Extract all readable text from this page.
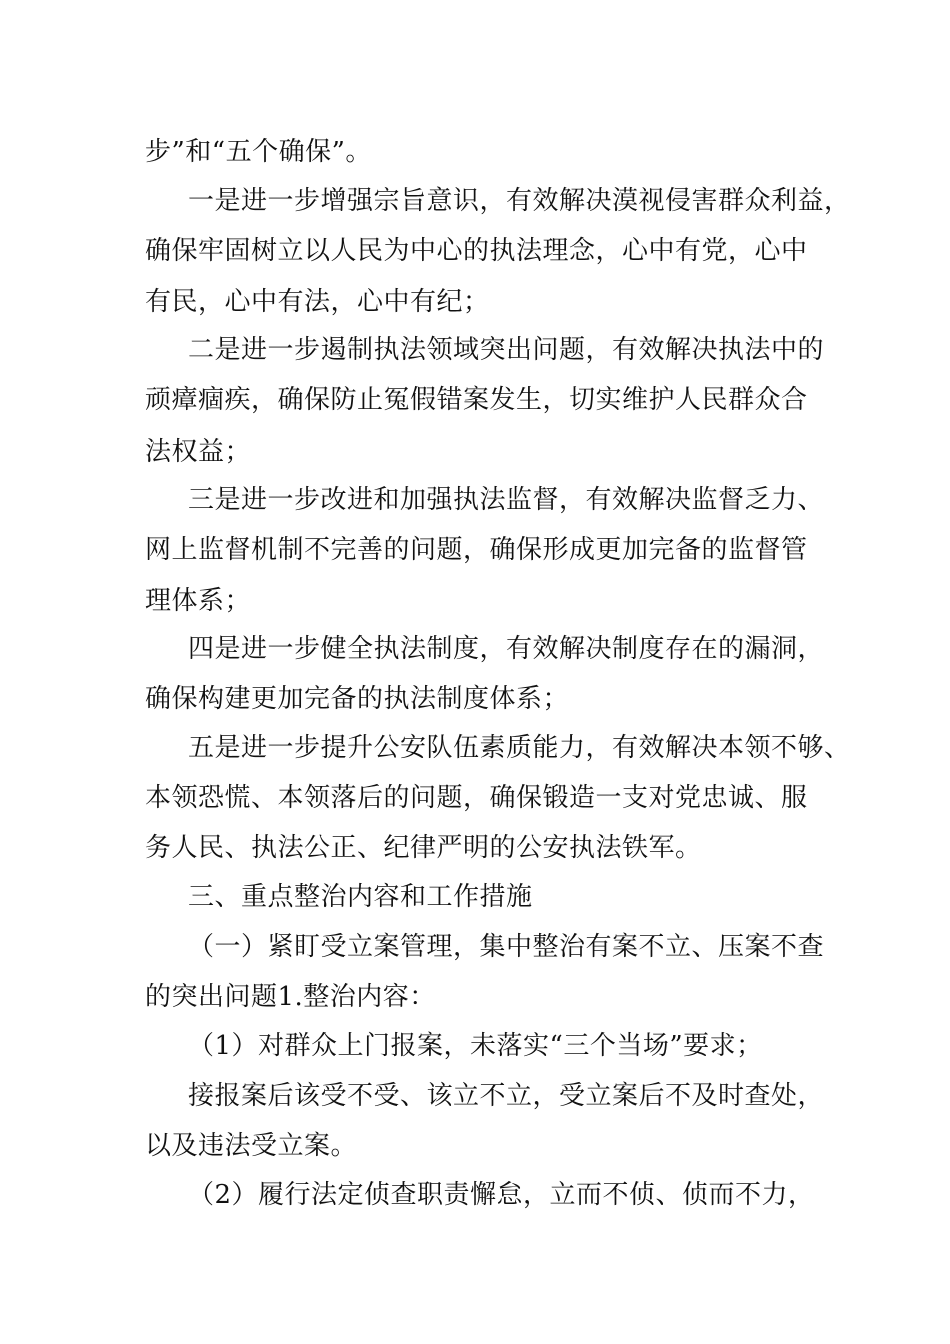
步”和“五个确保”。
一是进一步增强宗旨意识，有效解决漠视侵害群众利益，
确保牢固树立以人民为中心的执法理念，心中有党，心中
有民，心中有法，心中有纪；
二是进一步遏制执法领域突出问题，有效解决执法中的
顽瘴痼疾，确保防止冤假错案发生，切实维护人民群众合
法权益；
三是进一步改进和加强执法监督，有效解决监督乏力、
网上监督机制不完善的问题，确保形成更加完备的监督管
理体系；
四是进一步健全执法制度，有效解决制度存在的漏洞，
确保构建更加完备的执法制度体系；
五是进一步提升公安队伍素质能力，有效解决本领不够、
本领恐慌、本领落后的问题，确保锻造一支对党忠诚、服
务人民、执法公正、纪律严明的公安执法铁军。
三、重点整治内容和工作措施
（一）紧盯受立案管理，集中整治有案不立、压案不查
的突出问题1.整治内容：
（1）对群众上门报案，未落实“三个当场”要求；
接报案后该受不受、该立不立，受立案后不及时查处，
以及违法受立案。
（2）履行法定侦查职责懈怠，立而不侦、侦而不力，
